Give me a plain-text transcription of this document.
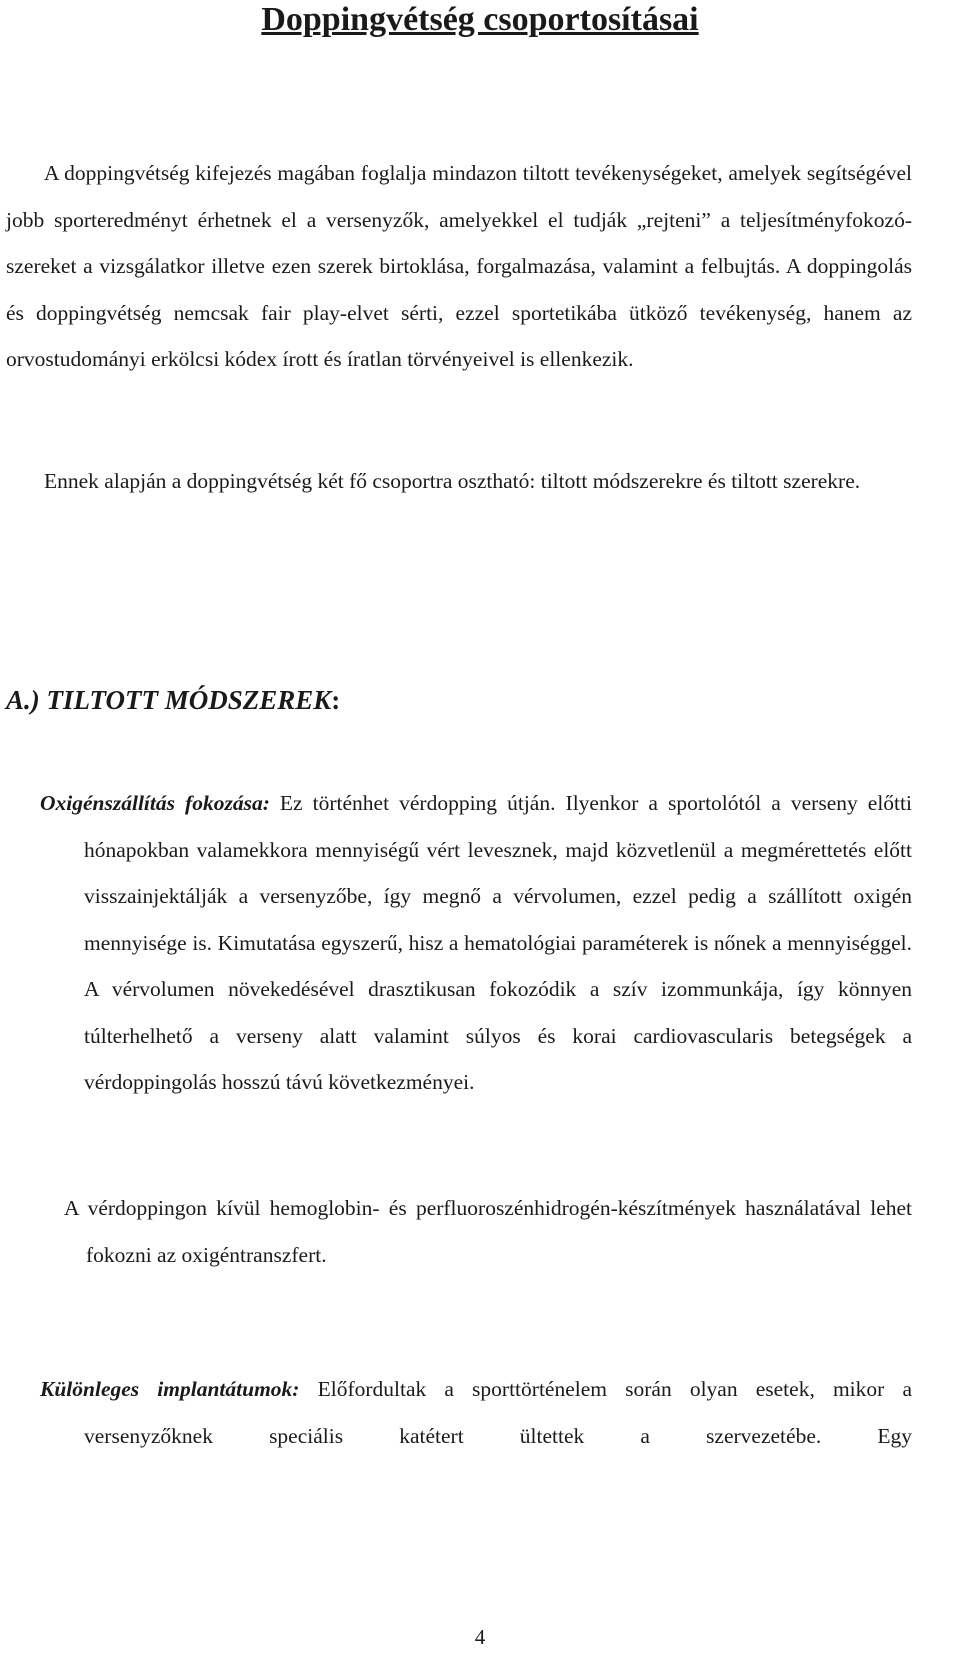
Doppingvétség csoportosításai

A doppingvétség kifejezés magában foglalja mindazon tiltott tevékenységeket, amelyek segítségével jobb sporteredményt érhetnek el a versenyzők, amelyekkel el tudják „rejteni” a teljesítményfokozó-szereket a vizsgálatkor illetve ezen szerek birtoklása, forgalmazása, valamint a felbujtás. A doppingolás és doppingvétség nemcsak fair play-elvet sérti, ezzel sportetikába ütköző tevékenység, hanem az orvostudományi erkölcsi kódex írott és íratlan törvényeivel is ellenkezik.

Ennek alapján a doppingvétség két fő csoportra osztható: tiltott módszerekre és tiltott szerekre.

A.) TILTOTT MÓDSZEREK:

Oxigénszállítás fokozása: Ez történhet vérdopping útján. Ilyenkor a sportolótól a verseny előtti hónapokban valamekkora mennyiségű vért levesznek, majd közvetlenül a megmérettetés előtt visszainjektálják a versenyzőbe, így megnő a vérvolumen, ezzel pedig a szállított oxigén mennyisége is. Kimutatása egyszerű, hisz a hematológiai paraméterek is nőnek a mennyiséggel. A vérvolumen növekedésével drasztikusan fokozódik a szív izommunkája, így könnyen túlterhelhető a verseny alatt valamint súlyos és korai cardiovascularis betegségek a vérdoppingolás hosszú távú következményei.

A vérdoppingon kívül hemoglobin- és perfluoroszénhidrogén-készítmények használatával lehet fokozni az oxigéntranszfert.

Különleges implantátumok: Előfordultak a sporttörténelem során olyan esetek, mikor a versenyzőknek speciális katétert ültettek a szervezetébe. Egy

4
